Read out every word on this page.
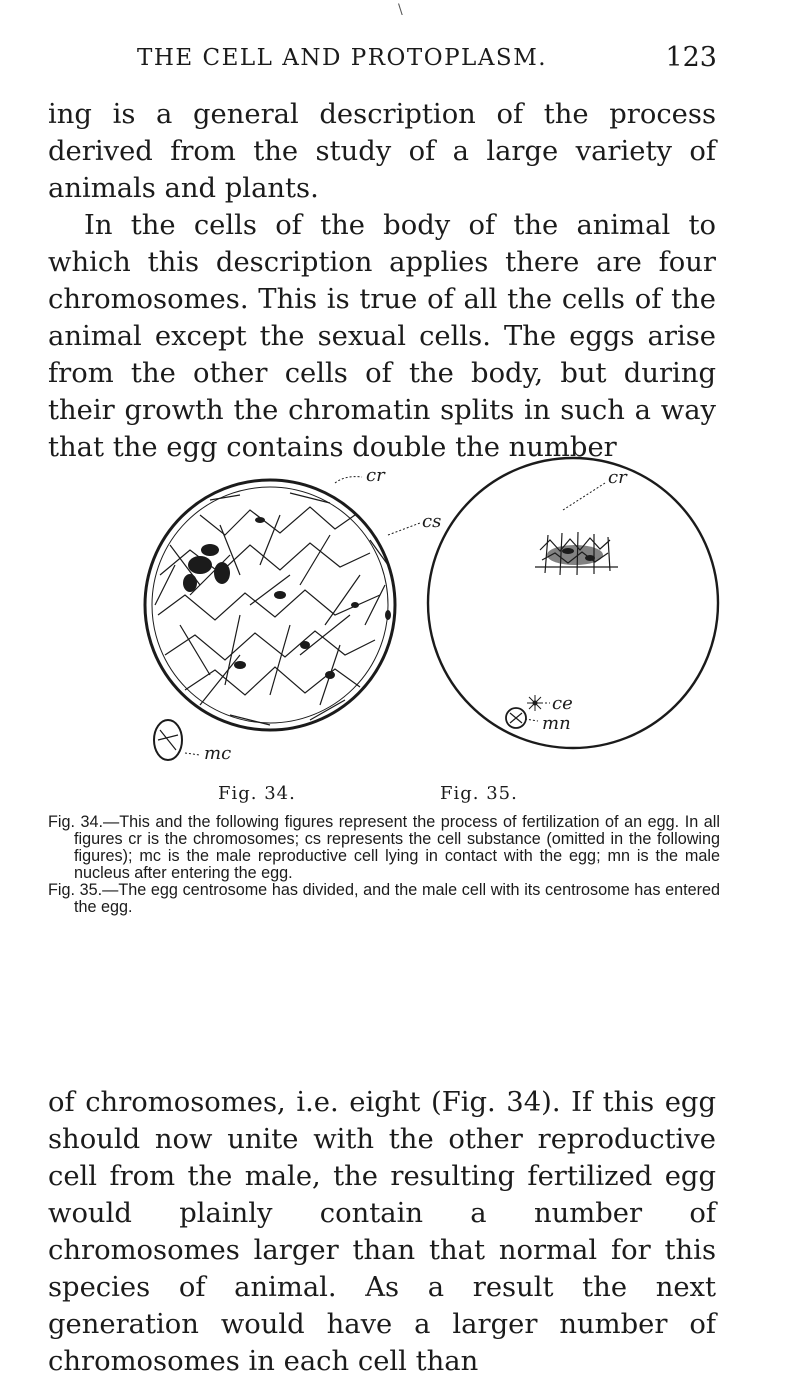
THE CELL AND PROTOPLASM.	123
\

ing is a general description of the process derived from the study of a large variety of animals and plants.

In the cells of the body of the animal to which this description applies there are four chromosomes. This is true of all the cells of the animal except the sexual cells. The eggs arise from the other cells of the body, but during their growth the chromatin splits in such a way that the egg contains double the number

cr
cs
mc
cr
ce
mn
Fig. 34.	Fig. 35.

Fig. 34.—This and the following figures represent the process of fertilization of an egg. In all figures cr is the chromosomes; cs represents the cell substance (omitted in the following figures); mc is the male reproductive cell lying in contact with the egg; mn is the male nucleus after entering the egg.

Fig. 35.—The egg centrosome has divided, and the male cell with its centrosome has entered the egg.

of chromosomes, i.e. eight (Fig. 34). If this egg should now unite with the other reproductive cell from the male, the resulting fertilized egg would plainly contain a number of chromosomes larger than that normal for this species of animal. As a result the next generation would have a larger number of chromosomes in each cell than
